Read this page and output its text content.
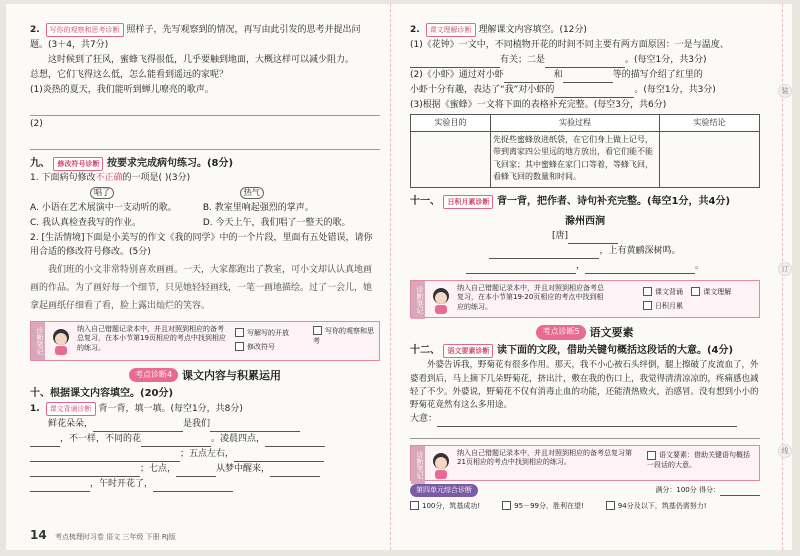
装
订
线

2. 写你的观察和思考诊断 照样子，先写观察到的情况，再写由此引发的思考并提出问

题。(3＋4，共7分)

这时候到了狂风，蜜蜂飞得很低，几乎要触到地面，大概这样可以减少阻力。

总想，它们飞得这么低，怎么能看到遥远的家呢？

(1)炎热的夏天，我们能听到蝉儿嘹亮的歌声。

(2)

九、 修改符号诊断 按要求完成病句练习。(8分)

1. 下面病句修改不正确的一项是( )(3分)

唱了	热气

A. 小语在艺术展演中一支动听的歌。	B. 教室里响起强烈的掌声。

C. 我认真检查我写的作业。	D. 今天上午，我们唱了一整天的歌。

2. [生活情境]下面是小美写的作文《我的同学》中的一个片段，里面有五处错误，请你用合适的修改符号修改。(5分)

我们班的小文非常特别喜欢画画。一天，大家都跑出了教室，可小文却认认真地画画的作品。为了画好每一个细节，只见她轻轻画线，一笔一画地描绘。过了一会儿，她拿起画纸仔细看了看，脸上露出灿烂的笑容。

诊断笔记	纳入自己错题记录本中，并且对照到相应的备考总复习，在本小节第19页相应的考点中找到相应的练习。
写解写的开放
修改符号
写你的观察和思考
考点诊断4 课文内容与积累运用

十、根据课文内容填空。(20分)

1. 课文背诵诊断 背一背，填一填。(每空1分，共8分)

鲜花朵朵，	是我们

，不一样，不同的花	。凌晨四点，

；五点左右，

；七点，	从梦中醒来，

，午时开花了，

2. 课文理解诊断 理解课文内容填空。(12分)

(1)《花钟》一文中，不同植物开花的时间不同主要有两方面原因：一是与温度、

有关；二是	。(每空1分，共3分)

(2)《小虾》通过对小虾	和	等的描写介绍了红里的

小虾十分有趣，表达了“我”对小虾的	。(每空1分，共3分)

(3)根据《蜜蜂》一文将下面的表格补充完整。(每空3分，共6分)

实验目的	实验过程	实验结论
	先捉些蜜蜂放进纸袋，在它们身上做上记号，带到离家四公里远的地方放出，看它们能不能飞回家；其中蜜蜂在家门口等着，等蜂飞回，看蜂飞回的数量和时间。	

十一、 日积月累诊断 背一背，把作者、诗句补充完整。(每空1分，共4分)

滁州西涧

[唐]

，上有黄鹂深树鸣。

，	。

诊断笔记	纳入自己错题记录本中，并且对照到相应备考总复习，在本小节第19-20页相应的考点中找到相应的练习。
课文背诵	课文理解
日积月累
考点诊断5 语文要素

十二、 语文要素诊断 读下面的文段，借助关键句概括这段话的大意。(4分)

外婆告诉我，野菊花有很多作用。那天，我不小心被石头绊倒，腿上擦破了皮流血了，外婆看到后，马上摘下几朵野菊花，挤出汁，敷在我的伤口上，我觉得清清凉凉的，疼痛感也减轻了不少。外婆说，野菊花不仅有消毒止血的功能，还能清热败火，治感冒。没有想到小小的野菊花竟然有这么多用途。

大意：

诊断笔记	纳入自己错题记录本中，并且对照到相应的备考总复习第21页相应的考点中找到相应的练习。
语文要素：借助关键语句概括一段话的大意。
第四单元综合诊断	满分：100分 得分：
100分，筑基成功!	95－99分，胜利在望!	94分及以下，筑基仍需努力!
14 考点梳理时习卷 语文 三年级 下册 RJ版
